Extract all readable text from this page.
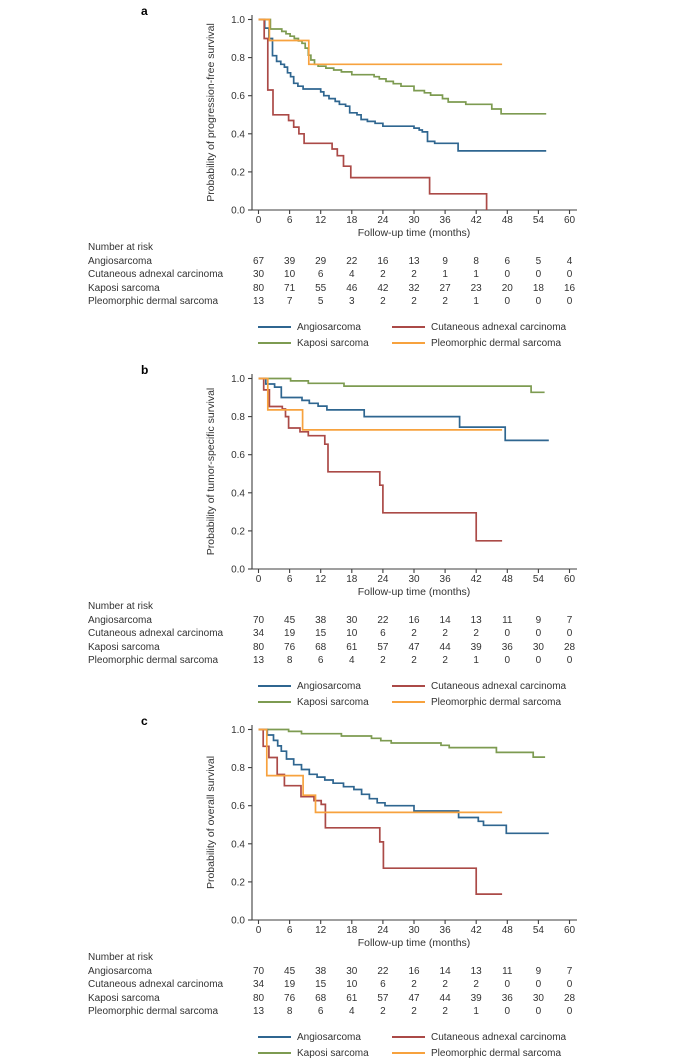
a
0.0
0.2
0.4
0.6
0.8
1.0
0	6 12 18 24 30 36 42 48 54 60
Probability of progression-free survival
Follow-up time (months)
Number at risk
Angiosarcoma	67 39 29 22 16 13 9	8	6	5	4
Cutaneous adnexal carcinoma	30 10 6	4	2	2	1	1	0	0	0
Kaposi sarcoma	80 71 55 46 42 32 27 23 20 18 16
Pleomorphic dermal sarcoma	13 7	5	3	2	2	2	1	0	0	0
Angiosarcoma	Cutaneous adnexal carcinoma
Kaposi sarcoma	Pleomorphic dermal sarcoma
b
0.0
0.2
0.4
0.6
0.8
1.0
0	6 12 18 24 30 36 42 48 54 60
Probability of tumor-specific survival
Follow-up time (months)
Number at risk
Angiosarcoma	70 45 38 30 22 16 14 13 11 9	7
Cutaneous adnexal carcinoma	34 19 15 10 6	2	2	2	0	0	0
Kaposi sarcoma	80 76 68 61 57 47 44 39 36 30 28
Pleomorphic dermal sarcoma	13 8	6	4	2	2	2	1	0	0	0
Angiosarcoma	Cutaneous adnexal carcinoma
Kaposi sarcoma	Pleomorphic dermal sarcoma
c
0.0
0.2
0.4
0.6
0.8
1.0
0	6 12 18 24 30 36 42 48 54 60
Probability of overall survival
Follow-up time (months)
Number at risk
Angiosarcoma	70 45 38 30 22 16 14 13 11 9	7
Cutaneous adnexal carcinoma	34 19 15 10 6	2	2	2	0	0	0
Kaposi sarcoma	80 76 68 61 57 47 44 39 36 30 28
Pleomorphic dermal sarcoma	13 8	6	4	2	2	2	1	0	0	0
Angiosarcoma	Cutaneous adnexal carcinoma
Kaposi sarcoma	Pleomorphic dermal sarcoma
